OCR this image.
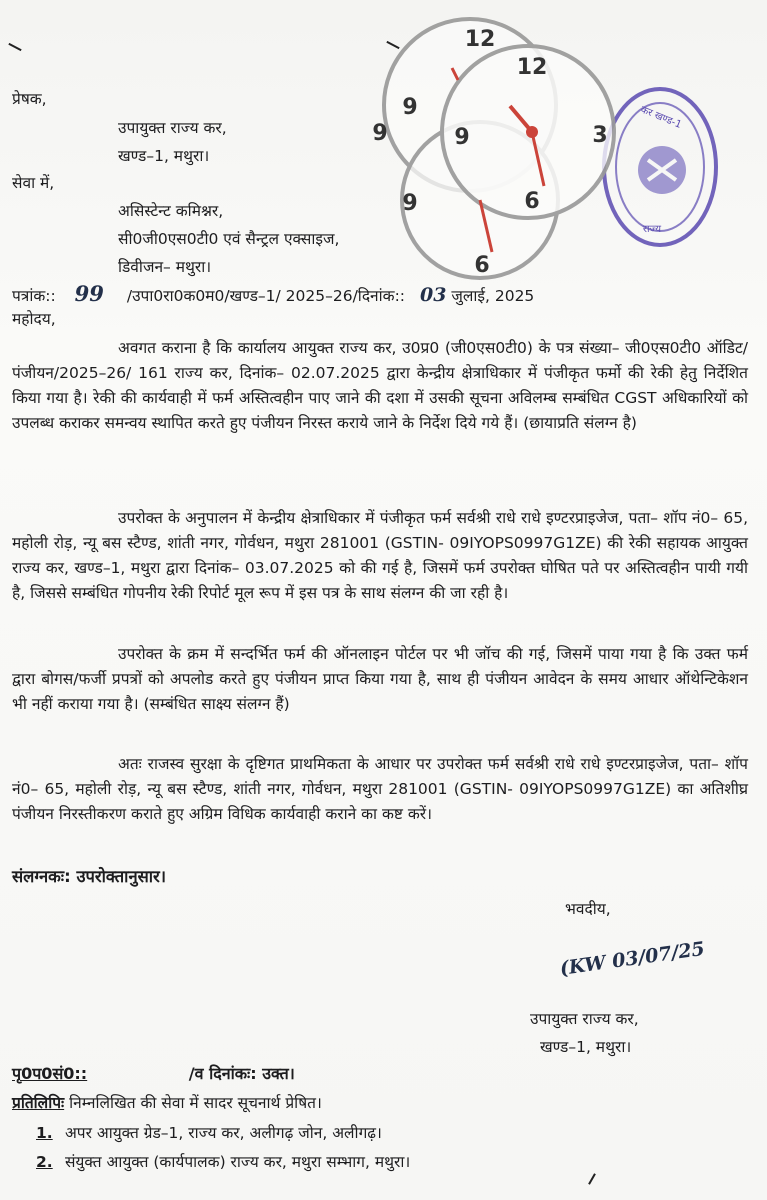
प्रेषक,
उपायुक्त राज्य कर,
खण्ड–1, मथुरा।
सेवा में,
असिस्टेन्ट कमिश्नर,
सी0जी0एस0टी0 एवं सैन्ट्रल एक्साइज,
डिवीजन– मथुरा।
पत्रांक:: 99 /उपा0रा0क0म0/खण्ड–1/ 2025–26/दिनांक:: 03 जुलाई, 2025
महोदय,
अवगत कराना है कि कार्यालय आयुक्त राज्य कर, उ0प्र0 (जी0एस0टी0) के पत्र संख्या– जी0एस0टी0 ऑडिट/पंजीयन/2025–26/ 161 राज्य कर, दिनांक– 02.07.2025 द्वारा केन्द्रीय क्षेत्राधिकार में पंजीकृत फर्मो की रेकी हेतु निर्देशित किया गया है। रेकी की कार्यवाही में फर्म अस्तित्वहीन पाए जाने की दशा में उसकी सूचना अविलम्ब सम्बंधित CGST अधिकारियों को उपलब्ध कराकर समन्वय स्थापित करते हुए पंजीयन निरस्त कराये जाने के निर्देश दिये गये हैं। (छायाप्रति संलग्न है)
उपरोक्त के अनुपालन में केन्द्रीय क्षेत्राधिकार में पंजीकृत फर्म सर्वश्री राधे राधे इण्टरप्राइजेज, पता– शॉप नं0– 65, महोली रोड़, न्यू बस स्टैण्ड, शांती नगर, गोर्वधन, मथुरा 281001 (GSTIN- 09IYOPS0997G1ZE) की रेकी सहायक आयुक्त राज्य कर, खण्ड–1, मथुरा द्वारा दिनांक– 03.07.2025 को की गई है, जिसमें फर्म उपरोक्त घोषित पते पर अस्तित्वहीन पायी गयी है, जिससे सम्बंधित गोपनीय रेकी रिपोर्ट मूल रूप में इस पत्र के साथ संलग्न की जा रही है।
उपरोक्त के क्रम में सन्दर्भित फर्म की ऑनलाइन पोर्टल पर भी जॉच की गई, जिसमें पाया गया है कि उक्त फर्म द्वारा बोगस/फर्जी प्रपत्रों को अपलोड करते हुए पंजीयन प्राप्त किया गया है, साथ ही पंजीयन आवेदन के समय आधार ऑथेन्टिकेशन भी नहीं कराया गया है। (सम्बंधित साक्ष्य संलग्न हैं)
अतः राजस्व सुरक्षा के दृष्टिगत प्राथमिकता के आधार पर उपरोक्त फर्म सर्वश्री राधे राधे इण्टरप्राइजेज, पता– शॉप नं0– 65, महोली रोड़, न्यू बस स्टैण्ड, शांती नगर, गोर्वधन, मथुरा 281001 (GSTIN- 09IYOPS0997G1ZE) का अतिशीघ्र पंजीयन निरस्तीकरण कराते हुए अग्रिम विधिक कार्यवाही कराने का कष्ट करें।
संलग्नकः: उपरोक्तानुसार।
भवदीय,
(KW 03/07/25
उपायुक्त राज्य कर,
खण्ड–1, मथुरा।
पृ0प0सं0::	/व दिनांकः: उक्त।
प्रतिलिपिः निम्नलिखित की सेवा में सादर सूचनार्थ प्रेषित।
1. अपर आयुक्त ग्रेड–1, राज्य कर, अलीगढ़ जोन, अलीगढ़।
2. संयुक्त आयुक्त (कार्यपालक) राज्य कर, मथुरा सम्भाग, मथुरा।
कर खण्ड-1
राज्य
12
12
9
9	9
9
3
6
6
